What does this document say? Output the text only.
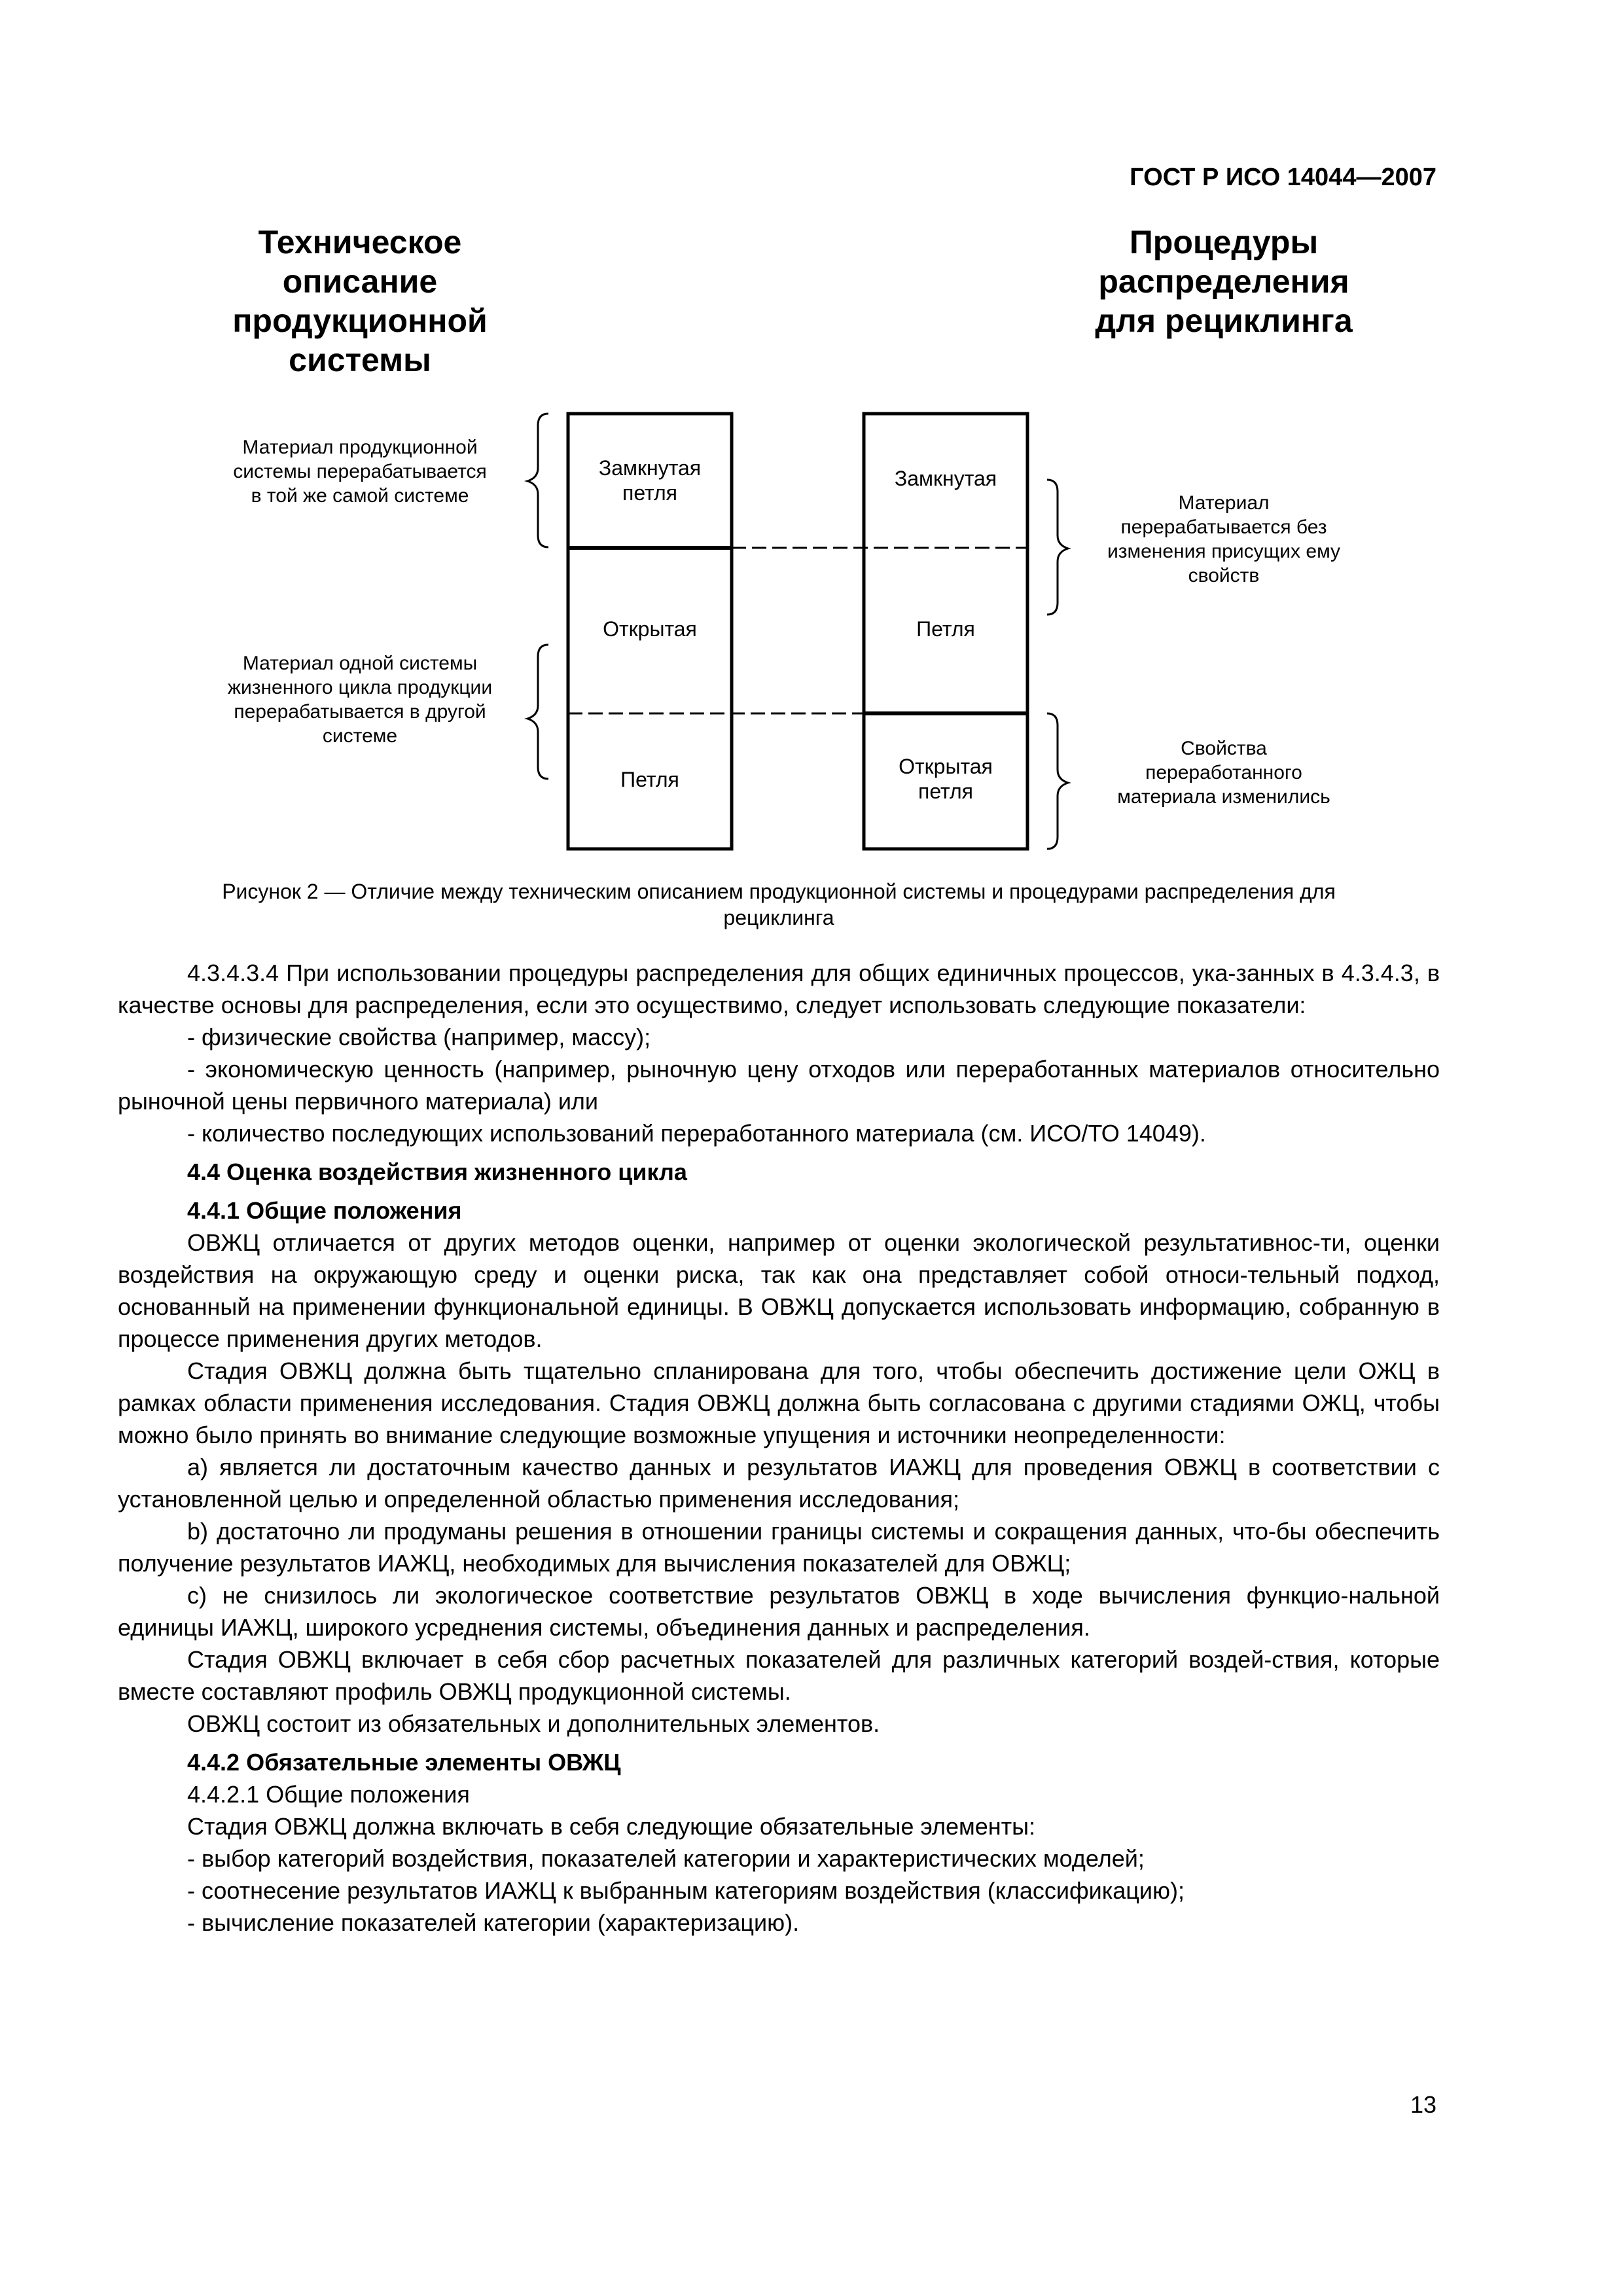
ГОСТ Р ИСО 14044—2007
Техническое
описание
продукционной
системы
Процедуры
распределения
для рециклинга
Замкнутая
петля
Открытая
Петля
Замкнутая
Петля
Открытая
петля
Материал продукционной
системы перерабатывается
в той же самой системе
Материал одной системы
жизненного цикла продукции
перерабатывается в другой
системе
Материал
перерабатывается без
изменения присущих ему
свойств
Свойства
переработанного
материала изменились
Рисунок 2 — Отличие между техническим описанием продукционной системы и процедурами распределения для
рециклинга

4.3.4.3.4 При использовании процедуры распределения для общих единичных процессов, ука-занных в 4.3.4.3, в качестве основы для распределения, если это осуществимо, следует использовать следующие показатели:

- физические свойства (например, массу);

- экономическую ценность (например, рыночную цену отходов или переработанных материалов относительно рыночной цены первичного материала) или

- количество последующих использований переработанного материала (см. ИСО/ТО 14049).

4.4 Оценка воздействия жизненного цикла

4.4.1 Общие положения

ОВЖЦ отличается от других методов оценки, например от оценки экологической результативнос-ти, оценки воздействия на окружающую среду и оценки риска, так как она представляет собой относи-тельный подход, основанный на применении функциональной единицы. В ОВЖЦ допускается использовать информацию, собранную в процессе применения других методов.

Стадия ОВЖЦ должна быть тщательно спланирована для того, чтобы обеспечить достижение цели ОЖЦ в рамках области применения исследования. Стадия ОВЖЦ должна быть согласована с другими стадиями ОЖЦ, чтобы можно было принять во внимание следующие возможные упущения и источники неопределенности:

а) является ли достаточным качество данных и результатов ИАЖЦ для проведения ОВЖЦ в соответствии с установленной целью и определенной областью применения исследования;

b) достаточно ли продуманы решения в отношении границы системы и сокращения данных, что-бы обеспечить получение результатов ИАЖЦ, необходимых для вычисления показателей для ОВЖЦ;

с) не снизилось ли экологическое соответствие результатов ОВЖЦ в ходе вычисления функцио-нальной единицы ИАЖЦ, широкого усреднения системы, объединения данных и распределения.

Стадия ОВЖЦ включает в себя сбор расчетных показателей для различных категорий воздей-ствия, которые вместе составляют профиль ОВЖЦ продукционной системы.

ОВЖЦ состоит из обязательных и дополнительных элементов.

4.4.2 Обязательные элементы ОВЖЦ

4.4.2.1 Общие положения

Стадия ОВЖЦ должна включать в себя следующие обязательные элементы:

- выбор категорий воздействия, показателей категории и характеристических моделей;

- соотнесение результатов ИАЖЦ к выбранным категориям воздействия (классификацию);

- вычисление показателей категории (характеризацию).

13
